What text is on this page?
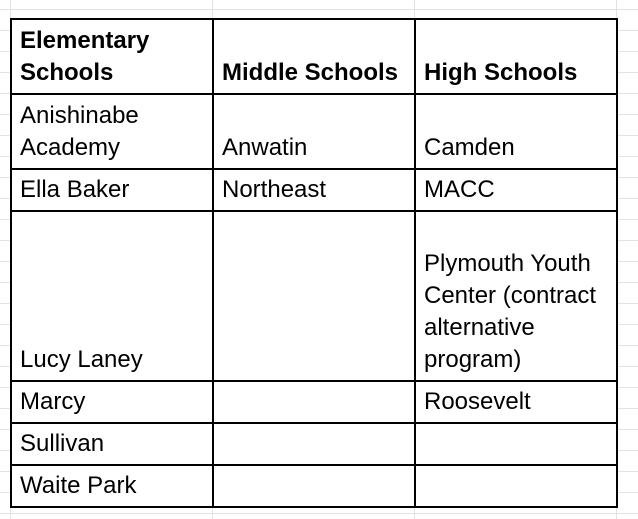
Elementary Schools	Middle Schools	High Schools
Anishinabe Academy	Anwatin	Camden
Ella Baker	Northeast	MACC
Lucy Laney		Plymouth Youth Center (contract alternative program)
Marcy		Roosevelt
Sullivan		
Waite Park		
